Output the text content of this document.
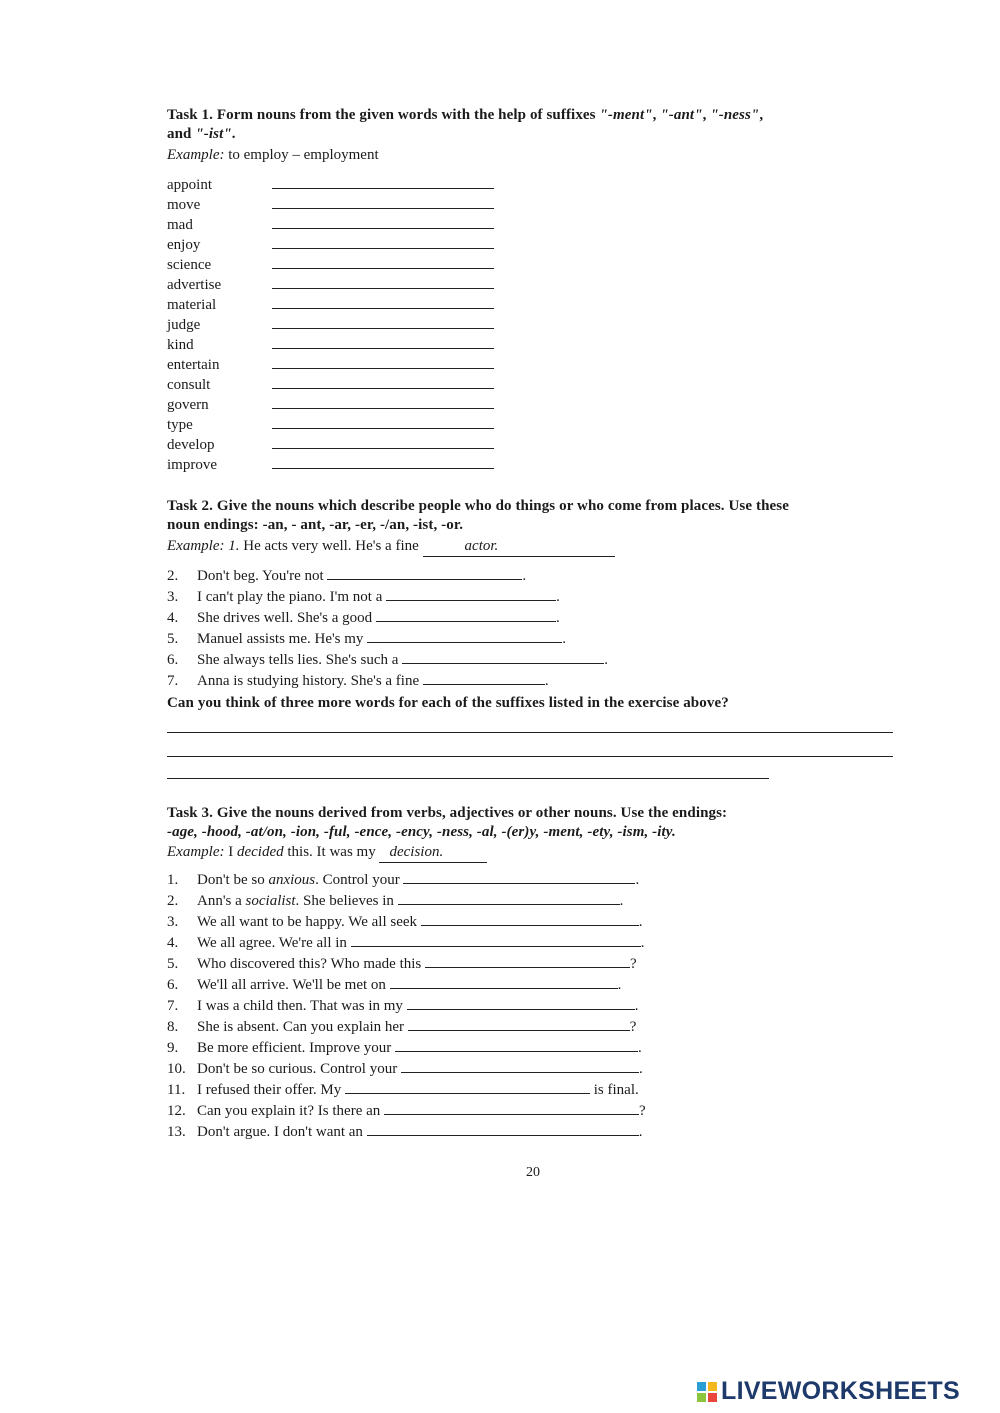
Task 1. Form nouns from the given words with the help of suffixes "-ment", "-ant", "-ness",
and "-ist".
Example: to employ – employment
appoint
move
mad
enjoy
science
advertise
material
judge
kind
entertain
consult
govern
type
develop
improve
Task 2. Give the nouns which describe people who do things or who come from places. Use these
noun endings: -an, - ant, -ar, -er, -/an, -ist, -or.
Example: 1. He acts very well. He's a fine	actor.
2. Don't beg. You're not	.
3. I can't play the piano. I'm not a	.
4. She drives well. She's a good	.
5. Manuel assists me. He's my	.
6. She always tells lies. She's such a	.
7. Anna is studying history. She's a fine	.
Can you think of three more words for each of the suffixes listed in the exercise above?
Task 3. Give the nouns derived from verbs, adjectives or other nouns. Use the endings:
-age, -hood, -at/on, -ion, -ful, -ence, -ency, -ness, -al, -(er)y, -ment, -ety, -ism, -ity.
Example: I decided this. It was my decision.
1. Don't be so anxious. Control your	.
2. Ann's a socialist. She believes in	.
3. We all want to be happy. We all seek	.
4. We all agree. We're all in	.
5. Who discovered this? Who made this	?
6. We'll all arrive. We'll be met on	.
7. I was a child then. That was in my	.
8. She is absent. Can you explain her	?
9. Be more efficient. Improve your	.
10. Don't be so curious. Control your	.
11. I refused their offer. My	is final.
12. Can you explain it? Is there an	?
13. Don't argue. I don't want an	.
20
LIVEWORKSHEETS
